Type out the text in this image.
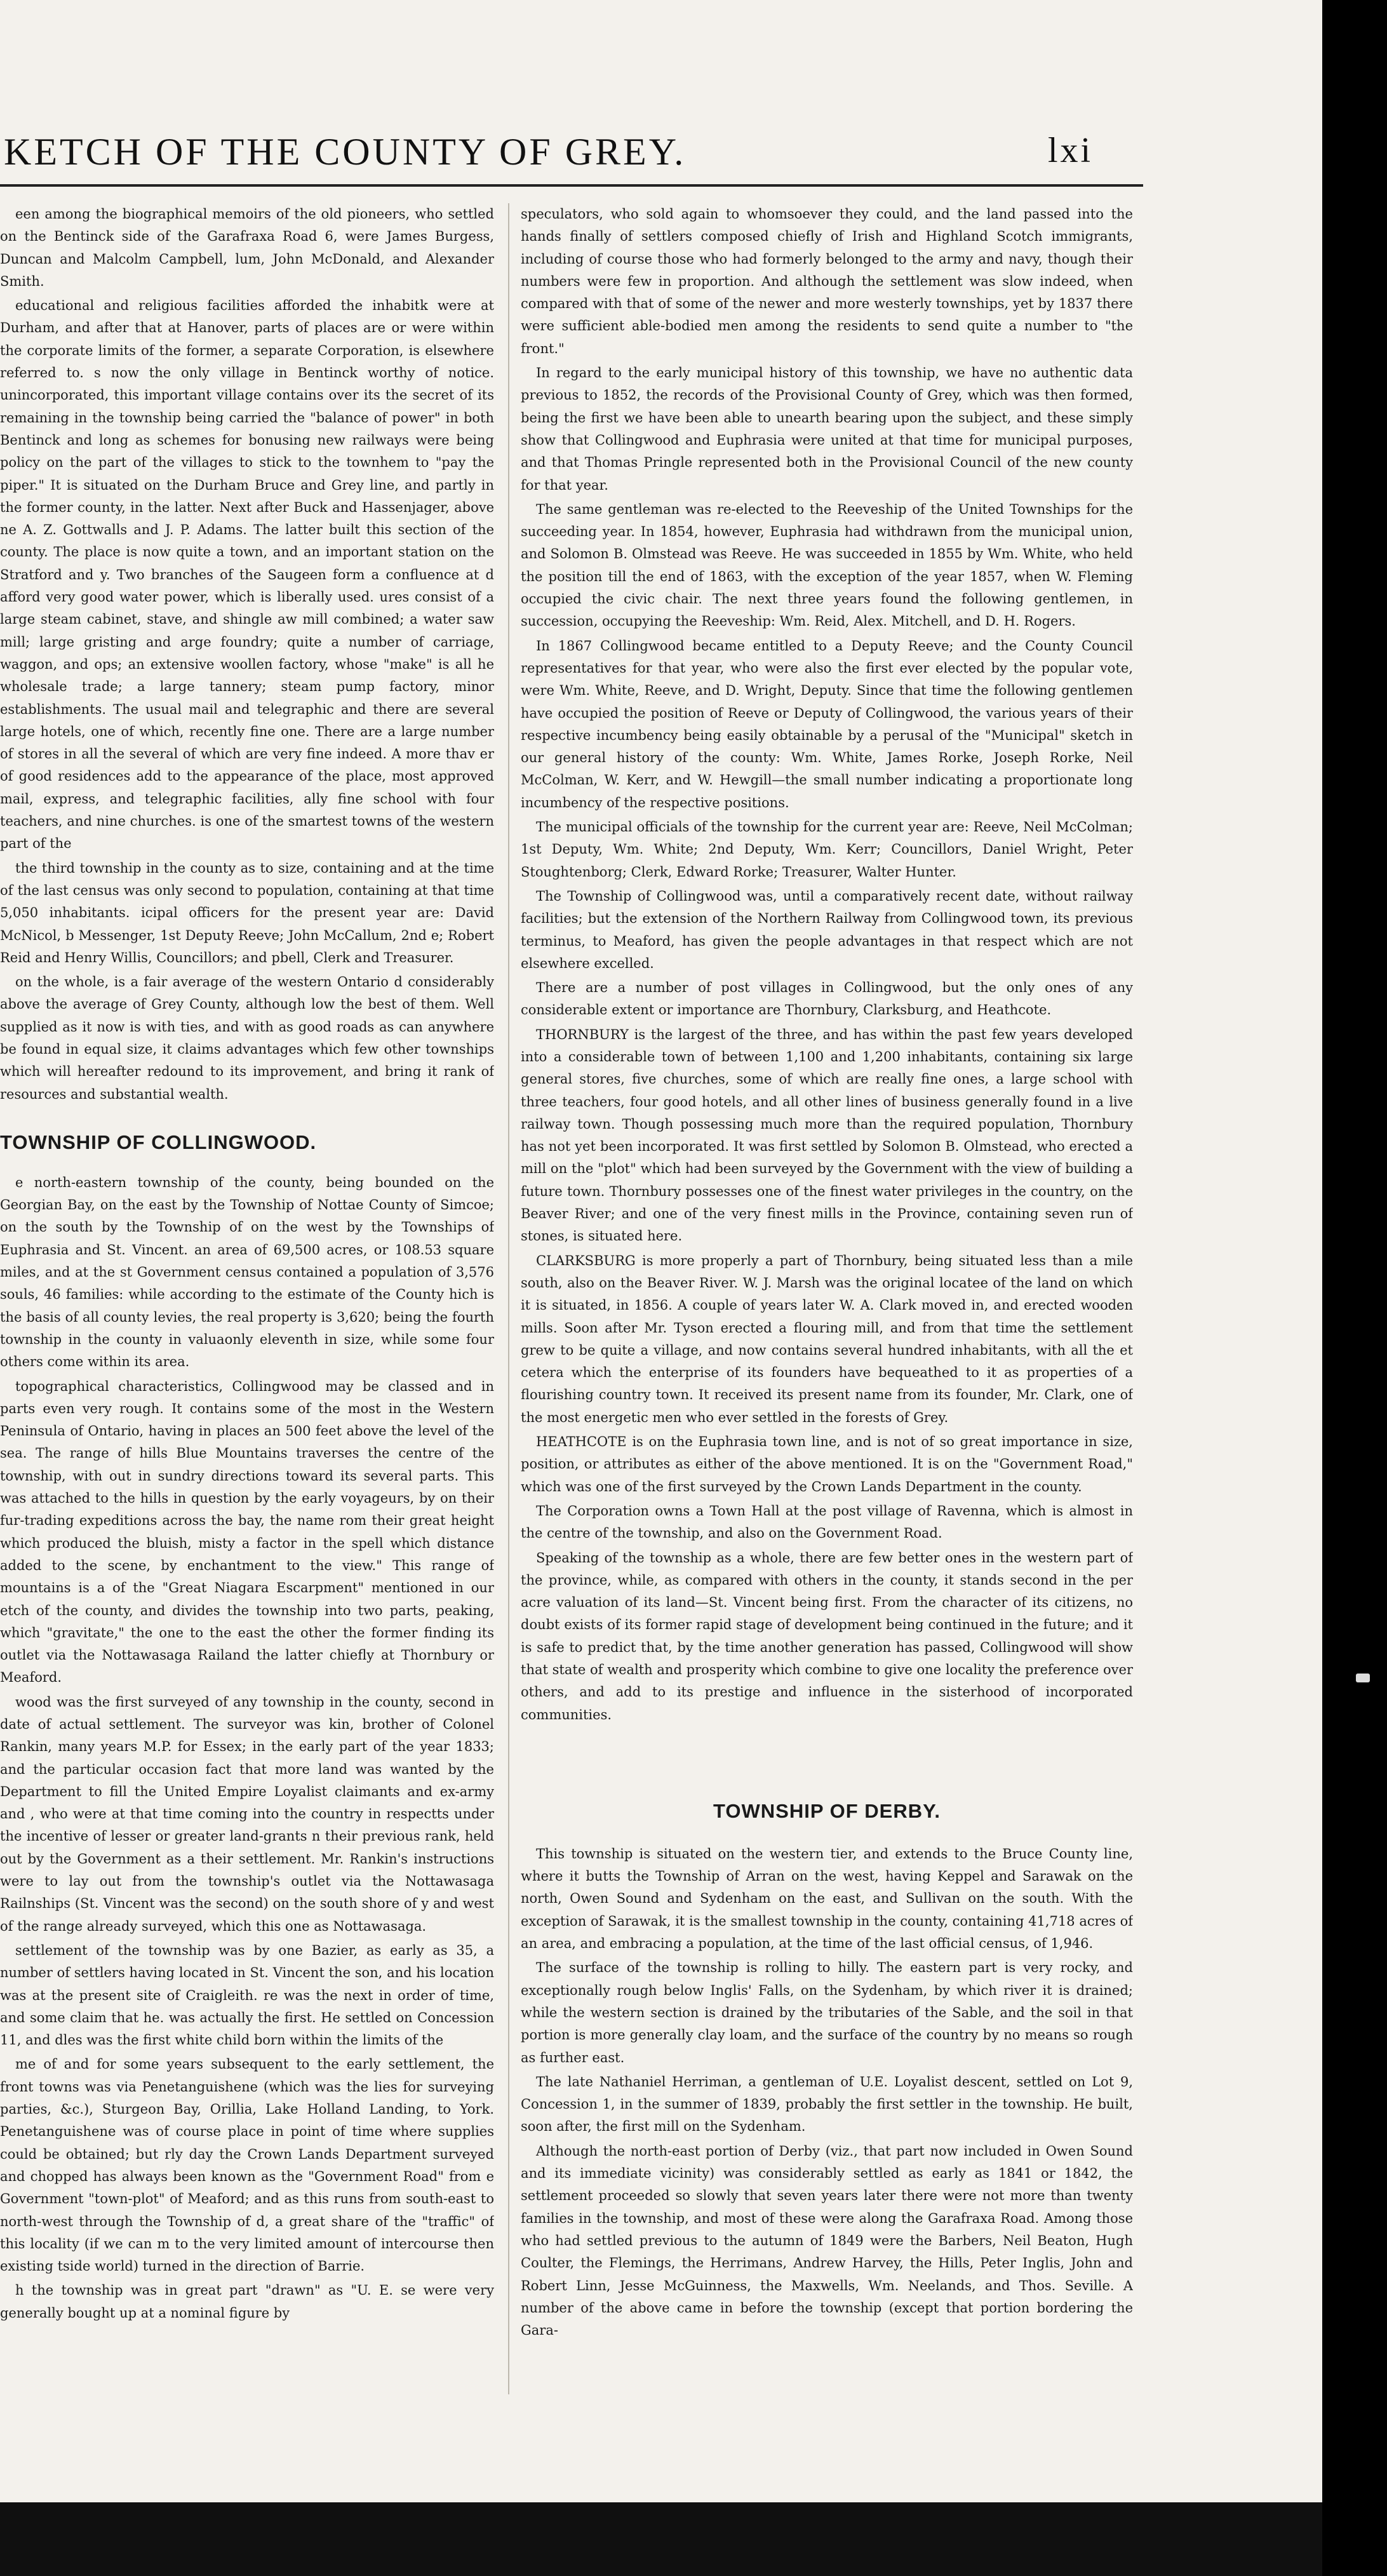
KETCH OF THE COUNTY OF GREY.	lxi

een among the biographical memoirs of the old pioneers, who settled on the Bentinck side of the Garafraxa Road 6, were James Burgess, Duncan and Malcolm Campbell, lum, John McDonald, and Alexander Smith.

educational and religious facilities afforded the inhabitk were at Durham, and after that at Hanover, parts of places are or were within the corporate limits of the former, a separate Corporation, is elsewhere referred to. s now the only village in Bentinck worthy of notice. unincorporated, this important village contains over its the secret of its remaining in the township being carried the "balance of power" in both Bentinck and long as schemes for bonusing new railways were being policy on the part of the villages to stick to the townhem to "pay the piper." It is situated on the Durham Bruce and Grey line, and partly in the former county, in the latter. Next after Buck and Hassenjager, above ne A. Z. Gottwalls and J. P. Adams. The latter built this section of the county. The place is now quite a town, and an important station on the Stratford and y. Two branches of the Saugeen form a confluence at d afford very good water power, which is liberally used. ures consist of a large steam cabinet, stave, and shingle aw mill combined; a water saw mill; large gristing and arge foundry; quite a number of carriage, waggon, and ops; an extensive woollen factory, whose "make" is all he wholesale trade; a large tannery; steam pump factory, minor establishments. The usual mail and telegraphic and there are several large hotels, one of which, recently fine one. There are a large number of stores in all the several of which are very fine indeed. A more thav er of good residences add to the appearance of the place, most approved mail, express, and telegraphic facilities, ally fine school with four teachers, and nine churches. is one of the smartest towns of the western part of the

the third township in the county as to size, containing and at the time of the last census was only second to population, containing at that time 5,050 inhabitants. icipal officers for the present year are: David McNicol, b Messenger, 1st Deputy Reeve; John McCallum, 2nd e; Robert Reid and Henry Willis, Councillors; and pbell, Clerk and Treasurer.

on the whole, is a fair average of the western Ontario d considerably above the average of Grey County, although low the best of them. Well supplied as it now is with ties, and with as good roads as can anywhere be found in equal size, it claims advantages which few other townships which will hereafter redound to its improvement, and bring it rank of resources and substantial wealth.

TOWNSHIP OF COLLINGWOOD.

e north-eastern township of the county, being bounded on the Georgian Bay, on the east by the Township of Nottae County of Simcoe; on the south by the Township of on the west by the Townships of Euphrasia and St. Vincent. an area of 69,500 acres, or 108.53 square miles, and at the st Government census contained a population of 3,576 souls, 46 families: while according to the estimate of the County hich is the basis of all county levies, the real property is 3,620; being the fourth township in the county in valuaonly eleventh in size, while some four others come within its area.

topographical characteristics, Collingwood may be classed and in parts even very rough. It contains some of the most in the Western Peninsula of Ontario, having in places an 500 feet above the level of the sea. The range of hills Blue Mountains traverses the centre of the township, with out in sundry directions toward its several parts. This was attached to the hills in question by the early voyageurs, by on their fur-trading expeditions across the bay, the name rom their great height which produced the bluish, misty a factor in the spell which distance added to the scene, by enchantment to the view." This range of mountains is a of the "Great Niagara Escarpment" mentioned in our etch of the county, and divides the township into two parts, peaking, which "gravitate," the one to the east the other the former finding its outlet via the Nottawasaga Railand the latter chiefly at Thornbury or Meaford.

wood was the first surveyed of any township in the county, second in date of actual settlement. The surveyor was kin, brother of Colonel Rankin, many years M.P. for Essex; in the early part of the year 1833; and the particular occasion fact that more land was wanted by the Department to fill the United Empire Loyalist claimants and ex-army and , who were at that time coming into the country in respectts under the incentive of lesser or greater land-grants n their previous rank, held out by the Government as a their settlement. Mr. Rankin's instructions were to lay out from the township's outlet via the Nottawasaga Railnships (St. Vincent was the second) on the south shore of y and west of the range already surveyed, which this one as Nottawasaga.

settlement of the township was by one Bazier, as early as 35, a number of settlers having located in St. Vincent the son, and his location was at the present site of Craigleith. re was the next in order of time, and some claim that he. was actually the first. He settled on Concession 11, and dles was the first white child born within the limits of the

me of and for some years subsequent to the early settlement, the front towns was via Penetanguishene (which was the lies for surveying parties, &c.), Sturgeon Bay, Orillia, Lake Holland Landing, to York. Penetanguishene was of course place in point of time where supplies could be obtained; but rly day the Crown Lands Department surveyed and chopped has always been known as the "Government Road" from e Government "town-plot" of Meaford; and as this runs from south-east to north-west through the Township of d, a great share of the "traffic" of this locality (if we can m to the very limited amount of intercourse then existing tside world) turned in the direction of Barrie.

h the township was in great part "drawn" as "U. E. se were very generally bought up at a nominal figure by

speculators, who sold again to whomsoever they could, and the land passed into the hands finally of settlers composed chiefly of Irish and Highland Scotch immigrants, including of course those who had formerly belonged to the army and navy, though their numbers were few in proportion. And although the settlement was slow indeed, when compared with that of some of the newer and more westerly townships, yet by 1837 there were sufficient able-bodied men among the residents to send quite a number to "the front."

In regard to the early municipal history of this township, we have no authentic data previous to 1852, the records of the Provisional County of Grey, which was then formed, being the first we have been able to unearth bearing upon the subject, and these simply show that Collingwood and Euphrasia were united at that time for municipal purposes, and that Thomas Pringle represented both in the Provisional Council of the new county for that year.

The same gentleman was re-elected to the Reeveship of the United Townships for the succeeding year. In 1854, however, Euphrasia had withdrawn from the municipal union, and Solomon B. Olmstead was Reeve. He was succeeded in 1855 by Wm. White, who held the position till the end of 1863, with the exception of the year 1857, when W. Fleming occupied the civic chair. The next three years found the following gentlemen, in succession, occupying the Reeveship: Wm. Reid, Alex. Mitchell, and D. H. Rogers.

In 1867 Collingwood became entitled to a Deputy Reeve; and the County Council representatives for that year, who were also the first ever elected by the popular vote, were Wm. White, Reeve, and D. Wright, Deputy. Since that time the following gentlemen have occupied the position of Reeve or Deputy of Collingwood, the various years of their respective incumbency being easily obtainable by a perusal of the "Municipal" sketch in our general history of the county: Wm. White, James Rorke, Joseph Rorke, Neil McColman, W. Kerr, and W. Hewgill—the small number indicating a proportionate long incumbency of the respective positions.

The municipal officials of the township for the current year are: Reeve, Neil McColman; 1st Deputy, Wm. White; 2nd Deputy, Wm. Kerr; Councillors, Daniel Wright, Peter Stoughtenborg; Clerk, Edward Rorke; Treasurer, Walter Hunter.

The Township of Collingwood was, until a comparatively recent date, without railway facilities; but the extension of the Northern Railway from Collingwood town, its previous terminus, to Meaford, has given the people advantages in that respect which are not elsewhere excelled.

There are a number of post villages in Collingwood, but the only ones of any considerable extent or importance are Thornbury, Clarksburg, and Heathcote.

THORNBURY is the largest of the three, and has within the past few years developed into a considerable town of between 1,100 and 1,200 inhabitants, containing six large general stores, five churches, some of which are really fine ones, a large school with three teachers, four good hotels, and all other lines of business generally found in a live railway town. Though possessing much more than the required population, Thornbury has not yet been incorporated. It was first settled by Solomon B. Olmstead, who erected a mill on the "plot" which had been surveyed by the Government with the view of building a future town. Thornbury possesses one of the finest water privileges in the country, on the Beaver River; and one of the very finest mills in the Province, containing seven run of stones, is situated here.

CLARKSBURG is more properly a part of Thornbury, being situated less than a mile south, also on the Beaver River. W. J. Marsh was the original locatee of the land on which it is situated, in 1856. A couple of years later W. A. Clark moved in, and erected wooden mills. Soon after Mr. Tyson erected a flouring mill, and from that time the settlement grew to be quite a village, and now contains several hundred inhabitants, with all the et cetera which the enterprise of its founders have bequeathed to it as properties of a flourishing country town. It received its present name from its founder, Mr. Clark, one of the most energetic men who ever settled in the forests of Grey.

HEATHCOTE is on the Euphrasia town line, and is not of so great importance in size, position, or attributes as either of the above mentioned. It is on the "Government Road," which was one of the first surveyed by the Crown Lands Department in the county.

The Corporation owns a Town Hall at the post village of Ravenna, which is almost in the centre of the township, and also on the Government Road.

Speaking of the township as a whole, there are few better ones in the western part of the province, while, as compared with others in the county, it stands second in the per acre valuation of its land—St. Vincent being first. From the character of its citizens, no doubt exists of its former rapid stage of development being continued in the future; and it is safe to predict that, by the time another generation has passed, Collingwood will show that state of wealth and prosperity which combine to give one locality the preference over others, and add to its prestige and influence in the sisterhood of incorporated communities.

TOWNSHIP OF DERBY.

This township is situated on the western tier, and extends to the Bruce County line, where it butts the Township of Arran on the west, having Keppel and Sarawak on the north, Owen Sound and Sydenham on the east, and Sullivan on the south. With the exception of Sarawak, it is the smallest township in the county, containing 41,718 acres of an area, and embracing a population, at the time of the last official census, of 1,946.

The surface of the township is rolling to hilly. The eastern part is very rocky, and exceptionally rough below Inglis' Falls, on the Sydenham, by which river it is drained; while the western section is drained by the tributaries of the Sable, and the soil in that portion is more generally clay loam, and the surface of the country by no means so rough as further east.

The late Nathaniel Herriman, a gentleman of U.E. Loyalist descent, settled on Lot 9, Concession 1, in the summer of 1839, probably the first settler in the township. He built, soon after, the first mill on the Sydenham.

Although the north-east portion of Derby (viz., that part now included in Owen Sound and its immediate vicinity) was considerably settled as early as 1841 or 1842, the settlement proceeded so slowly that seven years later there were not more than twenty families in the township, and most of these were along the Garafraxa Road. Among those who had settled previous to the autumn of 1849 were the Barbers, Neil Beaton, Hugh Coulter, the Flemings, the Herrimans, Andrew Harvey, the Hills, Peter Inglis, John and Robert Linn, Jesse McGuinness, the Maxwells, Wm. Neelands, and Thos. Seville. A number of the above came in before the township (except that portion bordering the Gara-
